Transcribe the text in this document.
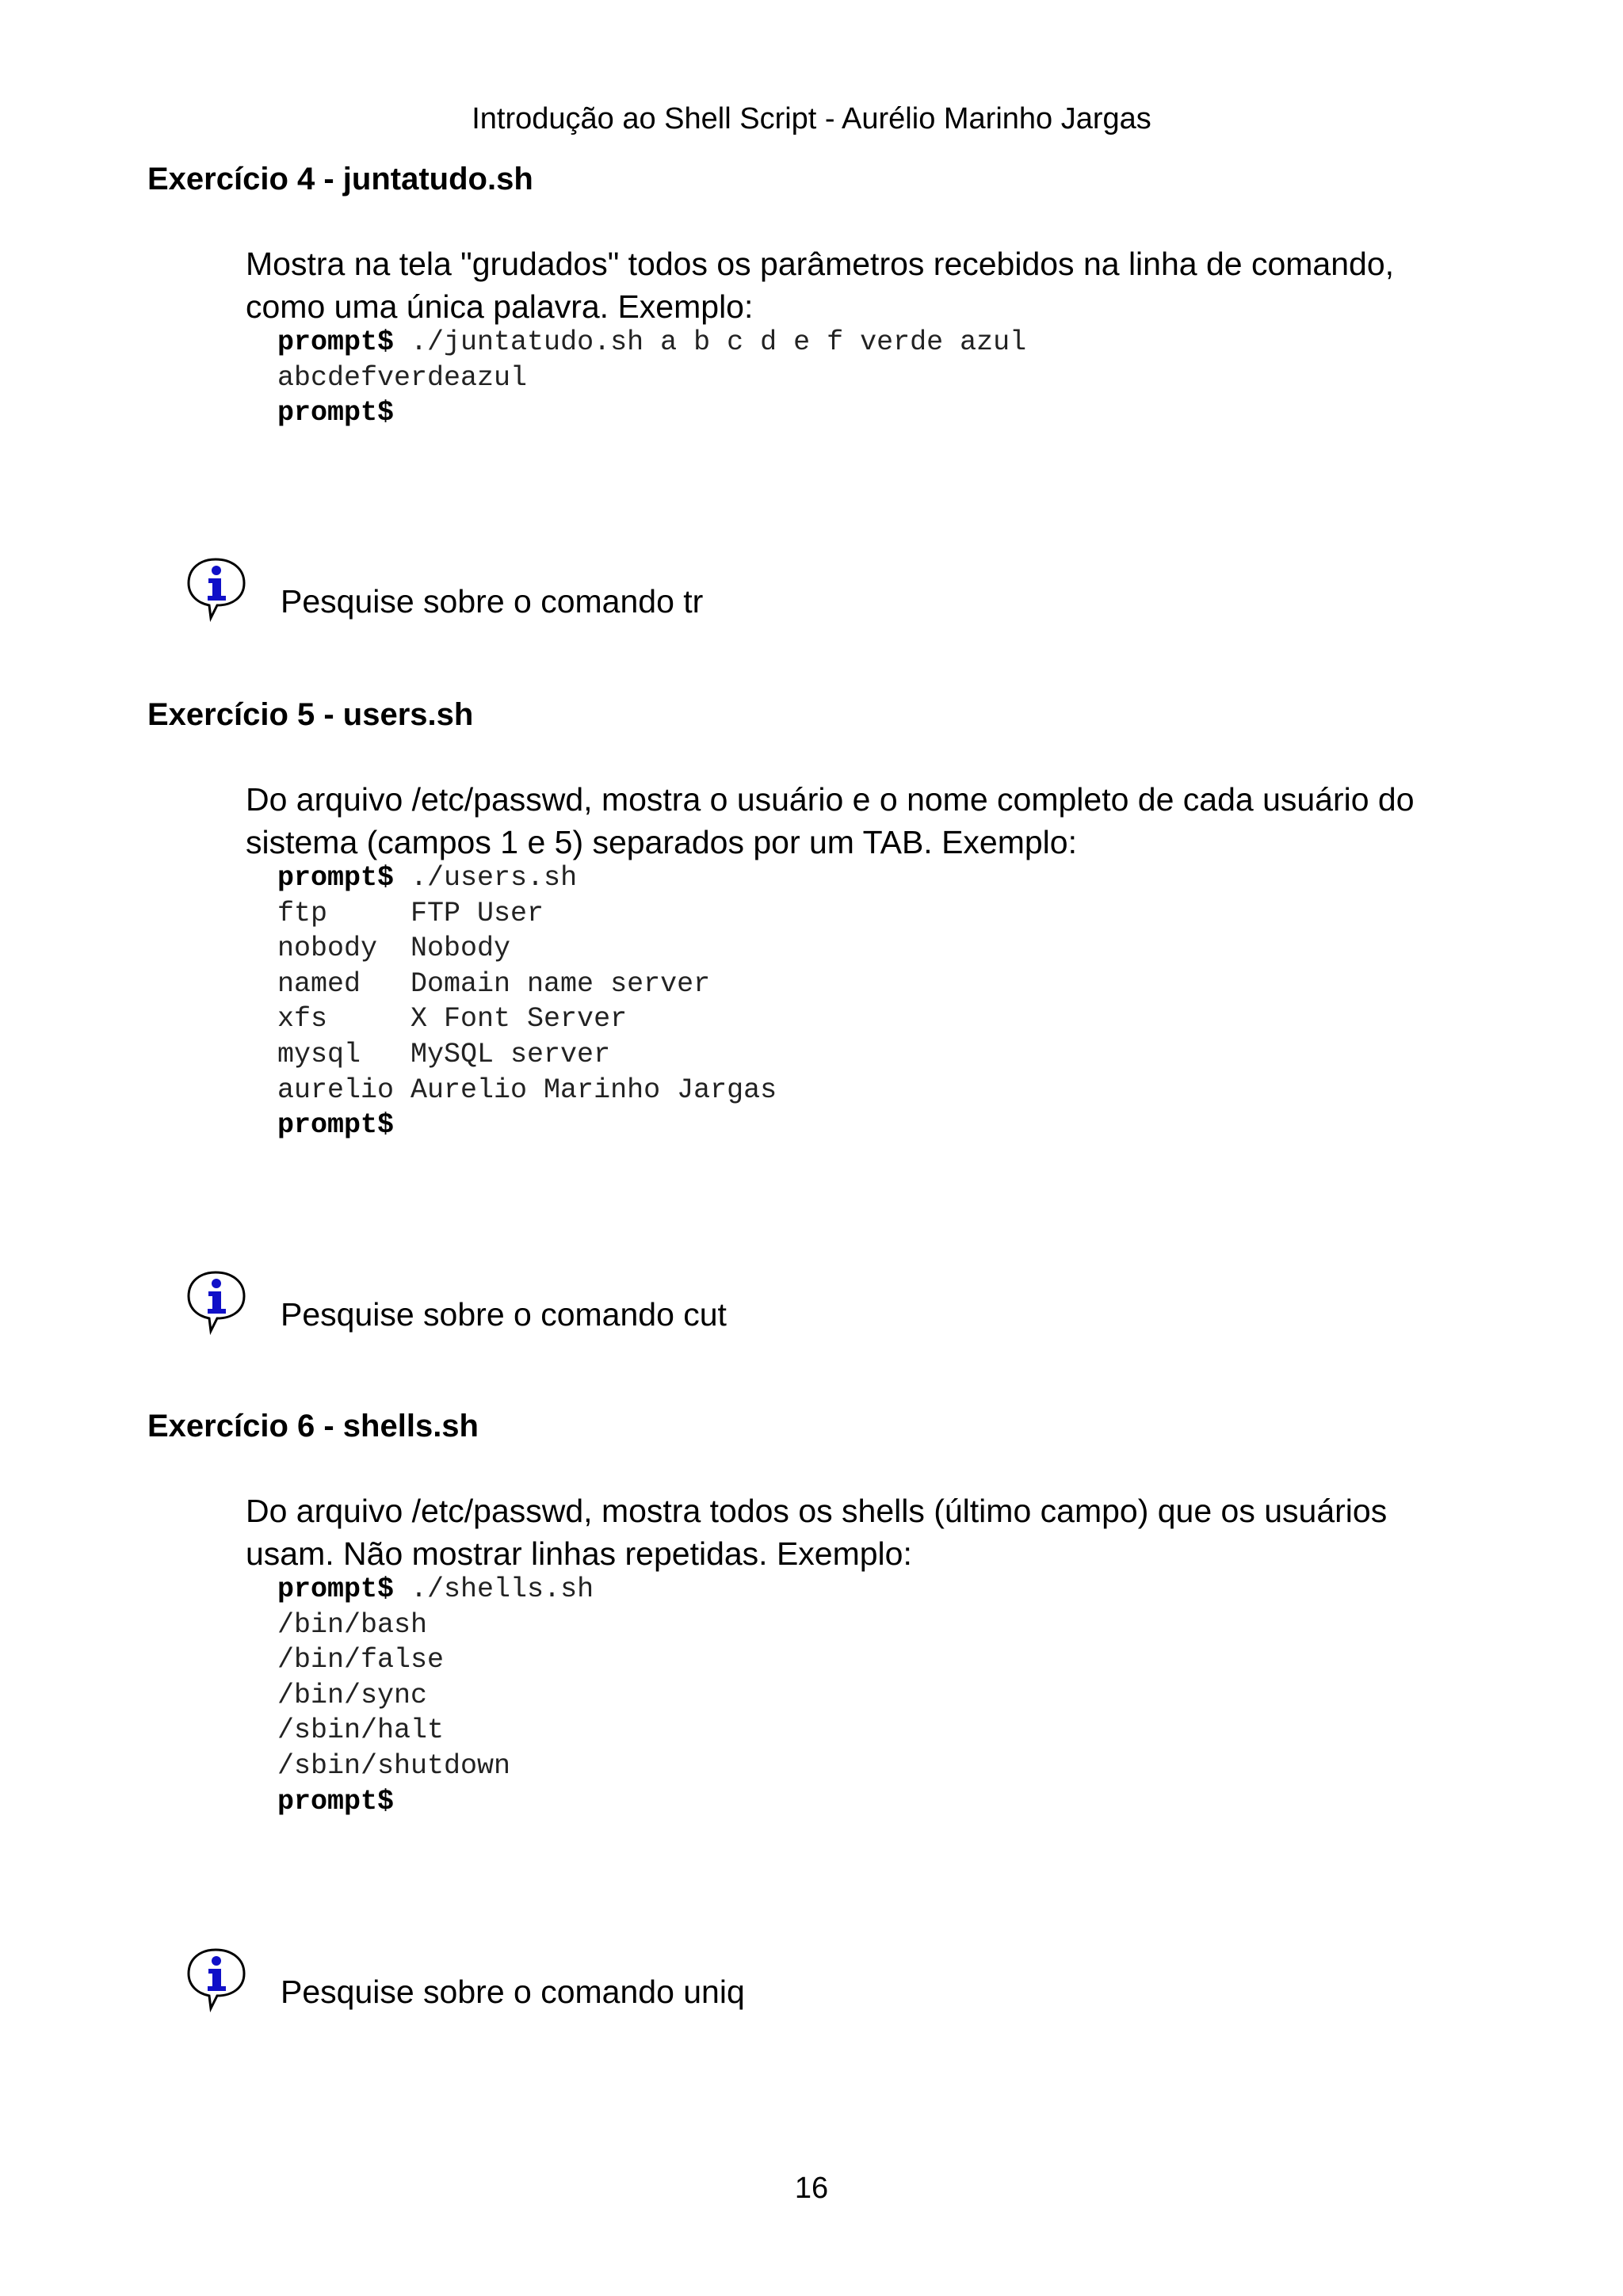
Introdução ao Shell Script - Aurélio Marinho Jargas
Exercício 4 - juntatudo.sh

Mostra na tela "grudados" todos os parâmetros recebidos na linha de comando, como uma única palavra. Exemplo:

prompt$ ./juntatudo.sh a b c d e f verde azul
abcdefverdeazul
prompt$
Pesquise sobre o comando tr
Exercício 5 - users.sh

Do arquivo /etc/passwd, mostra o usuário e o nome completo de cada usuário do sistema (campos 1 e 5) separados por um TAB. Exemplo:

prompt$ ./users.sh
ftp     FTP User
nobody  Nobody
named   Domain name server
xfs     X Font Server
mysql   MySQL server
aurelio Aurelio Marinho Jargas
prompt$
Pesquise sobre o comando cut
Exercício 6 - shells.sh

Do arquivo /etc/passwd, mostra todos os shells (último campo) que os usuários usam. Não mostrar linhas repetidas. Exemplo:

prompt$ ./shells.sh
/bin/bash
/bin/false
/bin/sync
/sbin/halt
/sbin/shutdown
prompt$
Pesquise sobre o comando uniq
16
